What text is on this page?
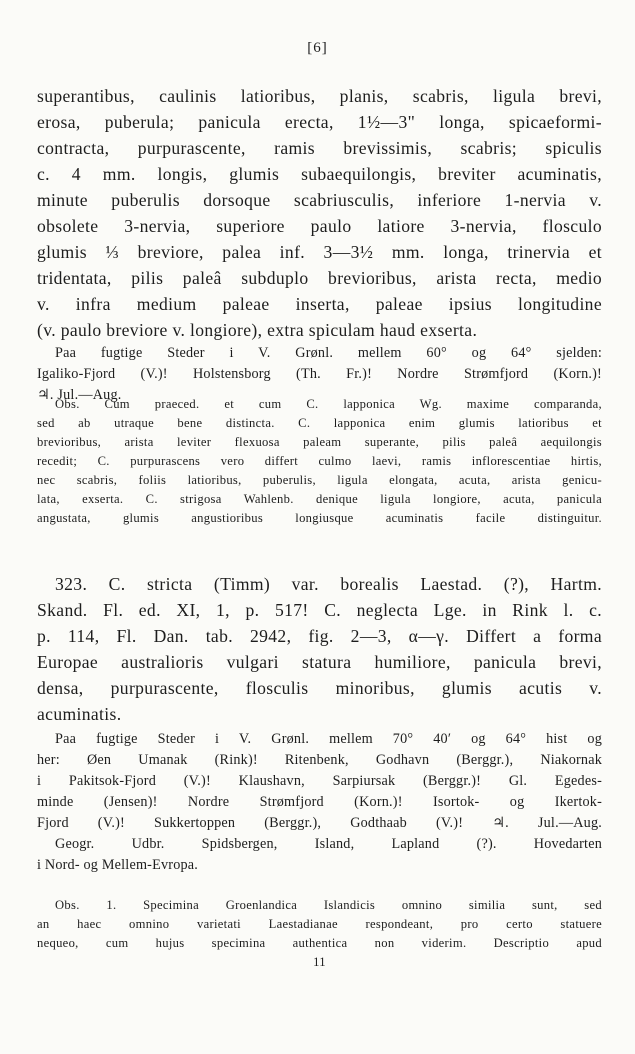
[6]
superantibus, caulinis latioribus, planis, scabris, ligula brevi,
erosa, puberula; panicula erecta, 1½—3" longa, spicaeformi-
contracta, purpurascente, ramis brevissimis, scabris; spiculis
c. 4 mm. longis, glumis subaequilongis, breviter acuminatis,
minute puberulis dorsoque scabriusculis, inferiore 1-nervia v.
obsolete 3-nervia, superiore paulo latiore 3-nervia, flosculo
glumis ⅓ breviore, palea inf. 3—3½ mm. longa, trinervia et
tridentata, pilis paleâ subduplo brevioribus, arista recta, medio
v. infra medium paleae inserta, paleae ipsius longitudine
(v. paulo breviore v. longiore), extra spiculam haud exserta.
Paa fugtige Steder i V. Grønl. mellem 60° og 64° sjelden:
Igaliko-Fjord (V.)! Holstensborg (Th. Fr.)! Nordre Strømfjord (Korn.)!
♃. Jul.—Aug.
Obs. Cum praeced. et cum C. lapponica Wg. maxime comparanda,
sed ab utraque bene distincta. C. lapponica enim glumis latioribus et
brevioribus, arista leviter flexuosa paleam superante, pilis paleâ aequilongis
recedit; C. purpurascens vero differt culmo laevi, ramis inflorescentiae hirtis,
nec scabris, foliis latioribus, puberulis, ligula elongata, acuta, arista genicu-
lata, exserta. C. strigosa Wahlenb. denique ligula longiore, acuta, panicula
angustata, glumis angustioribus longiusque acuminatis facile distinguitur.
323. C. stricta (Timm) var. borealis Laestad. (?), Hartm.
Skand. Fl. ed. XI, 1, p. 517! C. neglecta Lge. in Rink l. c.
p. 114, Fl. Dan. tab. 2942, fig. 2—3, α—γ. Differt a forma
Europae australioris vulgari statura humiliore, panicula brevi,
densa, purpurascente, flosculis minoribus, glumis acutis v.
acuminatis.
Paa fugtige Steder i V. Grønl. mellem 70° 40′ og 64° hist og
her: Øen Umanak (Rink)! Ritenbenk, Godhavn (Berggr.), Niakornak
i Pakitsok-Fjord (V.)! Klaushavn, Sarpiursak (Berggr.)! Gl. Egedes-
minde (Jensen)! Nordre Strømfjord (Korn.)! Isortok- og Ikertok-
Fjord (V.)! Sukkertoppen (Berggr.), Godthaab (V.)! ♃. Jul.—Aug.
Geogr. Udbr. Spidsbergen, Island, Lapland (?). Hovedarten
i Nord- og Mellem-Evropa.
Obs. 1. Specimina Groenlandica Islandicis omnino similia sunt, sed
an haec omnino varietati Laestadianae respondeant, pro certo statuere
nequeo, cum hujus specimina authentica non viderim. Descriptio apud
11
